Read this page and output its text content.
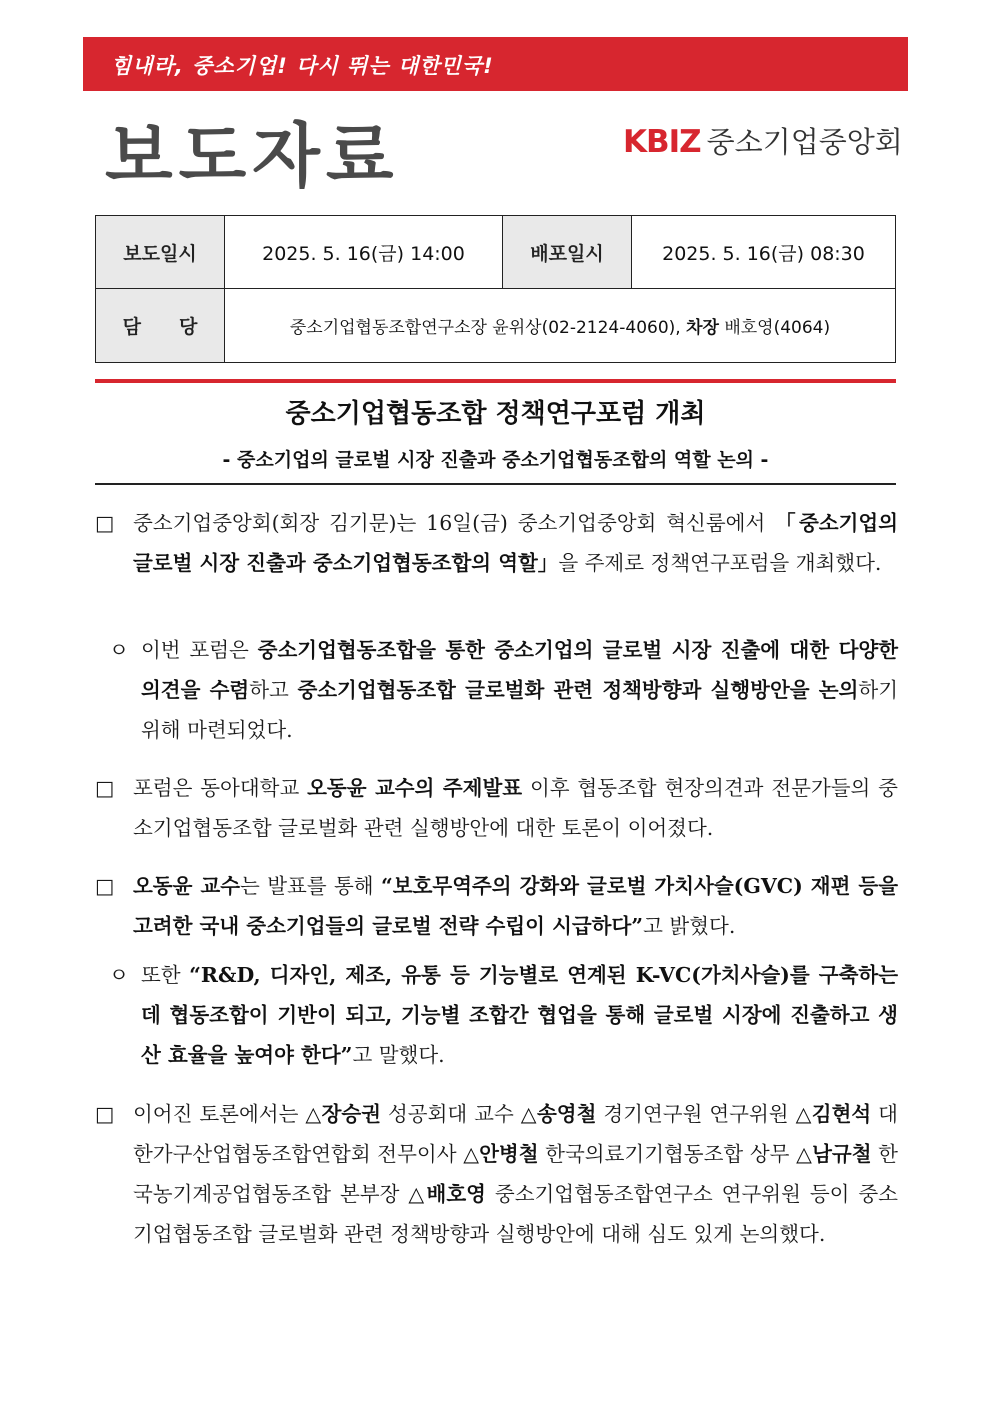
힘내라, 중소기업! 다시 뛰는 대한민국!
보도자료	KBIZ 중소기업중앙회
보도일시	2025. 5. 16(금) 14:00	배포일시	2025. 5. 16(금) 08:30
담　　당	중소기업협동조합연구소장 윤위상(02-2124-4060), 차장 배호영(4064)		
중소기업협동조합 정책연구포럼 개최
- 중소기업의 글로벌 시장 진출과 중소기업협동조합의 역할 논의 -
□ 중소기업중앙회(회장 김기문)는 16일(금) 중소기업중앙회 혁신룸에서 「중소기업의 글로벌 시장 진출과 중소기업협동조합의 역할」을 주제로 정책연구포럼을 개최했다.
ㅇ 이번 포럼은 중소기업협동조합을 통한 중소기업의 글로벌 시장 진출에 대한 다양한 의견을 수렴하고 중소기업협동조합 글로벌화 관련 정책방향과 실행방안을 논의하기 위해 마련되었다.
□ 포럼은 동아대학교 오동윤 교수의 주제발표 이후 협동조합 현장의견과 전문가들의 중소기업협동조합 글로벌화 관련 실행방안에 대한 토론이 이어졌다.
□ 오동윤 교수는 발표를 통해 “보호무역주의 강화와 글로벌 가치사슬(GVC) 재편 등을 고려한 국내 중소기업들의 글로벌 전략 수립이 시급하다”고 밝혔다.
ㅇ 또한 “R&D, 디자인, 제조, 유통 등 기능별로 연계된 K-VC(가치사슬)를 구축하는데 협동조합이 기반이 되고, 기능별 조합간 협업을 통해 글로벌 시장에 진출하고 생산 효율을 높여야 한다”고 말했다.
□ 이어진 토론에서는 △장승권 성공회대 교수 △송영철 경기연구원 연구위원 △김현석 대한가구산업협동조합연합회 전무이사 △안병철 한국의료기기협동조합 상무 △남규철 한국농기계공업협동조합 본부장 △배호영 중소기업협동조합연구소 연구위원 등이 중소기업협동조합 글로벌화 관련 정책방향과 실행방안에 대해 심도 있게 논의했다.
